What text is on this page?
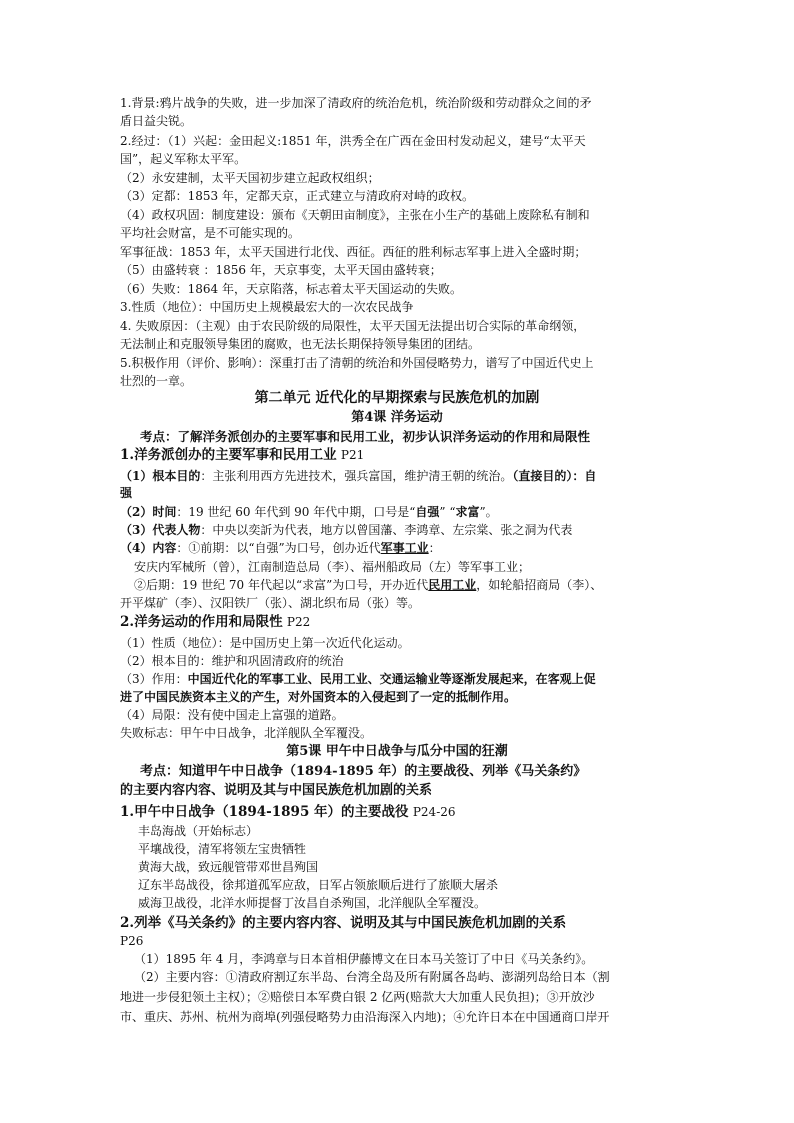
1.背景:鸦片战争的失败，进一步加深了清政府的统治危机，统治阶级和劳动群众之间的矛
盾日益尖锐。
2.经过：（1）兴起：金田起义:1851 年，洪秀全在广西在金田村发动起义，建号“太平天
国”，起义军称太平军。
（2）永安建制，太平天国初步建立起政权组织；
（3）定都：1853 年，定都天京，正式建立与清政府对峙的政权。
（4）政权巩固：制度建设：颁布《天朝田亩制度》，主张在小生产的基础上废除私有制和
平均社会财富，是不可能实现的。
军事征战：1853 年，太平天国进行北伐、西征。西征的胜利标志军事上进入全盛时期；
（5）由盛转衰 ：1856 年，天京事变，太平天国由盛转衰；
（6）失败：1864 年，天京陷落，标志着太平天国运动的失败。
3.性质（地位）：中国历史上规模最宏大的一次农民战争
4. 失败原因：（主观）由于农民阶级的局限性，太平天国无法提出切合实际的革命纲领，
无法制止和克服领导集团的腐败，也无法长期保持领导集团的团结。
5.积极作用（评价、影响）：深重打击了清朝的统治和外国侵略势力，谱写了中国近代史上
壮烈的一章。
第二单元 近代化的早期探索与民族危机的加剧
第4课 洋务运动
考点：了解洋务派创办的主要军事和民用工业，初步认识洋务运动的作用和局限性
1.洋务派创办的主要军事和民用工业 P21
（1）根本目的：主张利用西方先进技术，强兵富国，维护清王朝的统治。（直接目的）：自
强
（2）时间：19 世纪 60 年代到 90 年代中期，口号是“自强” “求富”。
（3）代表人物：中央以奕訢为代表，地方以曾国藩、李鸿章、左宗棠、张之洞为代表
（4）内容：①前期：以“自强”为口号，创办近代军事工业：
安庆内军械所（曾），江南制造总局（李）、福州船政局（左）等军事工业；
②后期：19 世纪 70 年代起以“求富”为口号，开办近代民用工业，如轮船招商局（李）、
开平煤矿（李）、汉阳铁厂（张）、湖北织布局（张）等。
2.洋务运动的作用和局限性 P22
（1）性质（地位）：是中国历史上第一次近代化运动。
（2）根本目的：维护和巩固清政府的统治
（3）作用：中国近代化的军事工业、民用工业、交通运输业等逐渐发展起来，在客观上促
进了中国民族资本主义的产生，对外国资本的入侵起到了一定的抵制作用。
（4）局限：没有使中国走上富强的道路。
失败标志：甲午中日战争，北洋舰队全军覆没。
第5课 甲午中日战争与瓜分中国的狂潮
考点：知道甲午中日战争（1894-1895 年）的主要战役、列举《马关条约》
的主要内容内容、说明及其与中国民族危机加剧的关系
1.甲午中日战争（1894-1895 年）的主要战役 P24-26
丰岛海战（开始标志）
平壤战役，清军将领左宝贵牺牲
黄海大战，致远舰管带邓世昌殉国
辽东半岛战役，徐邦道孤军应敌，日军占领旅顺后进行了旅顺大屠杀
威海卫战役，北洋水师提督丁汝昌自杀殉国，北洋舰队全军覆没。
2.列举《马关条约》的主要内容内容、说明及其与中国民族危机加剧的关系
P26
（1）1895 年 4 月，李鸿章与日本首相伊藤博文在日本马关签订了中日《马关条约》。
（2）主要内容：①清政府割辽东半岛、台湾全岛及所有附属各岛屿、澎湖列岛给日本（割
地进一步侵犯领土主权）；②赔偿日本军费白银 2 亿两(赔款大大加重人民负担)；③开放沙
市、重庆、苏州、杭州为商埠(列强侵略势力由沿海深入内地)；④允许日本在中国通商口岸开
